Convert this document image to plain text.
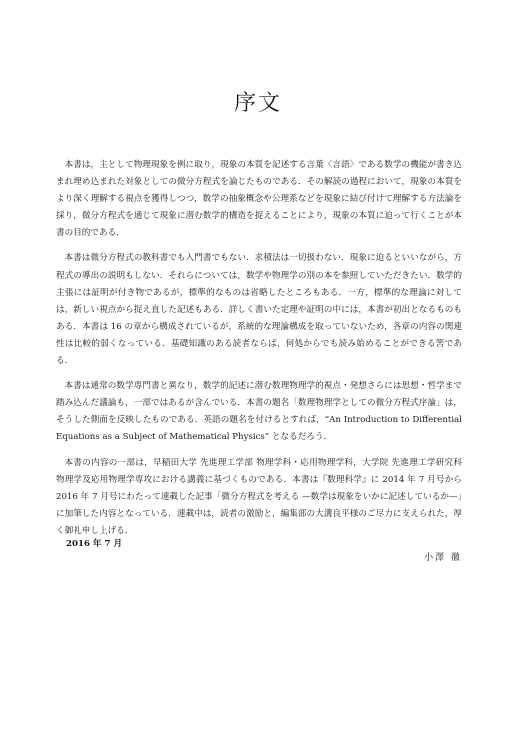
序文

本書は，主として物理現象を例に取り，現象の本質を記述する言葉〈言語〉である数学の機能が書き込まれ埋め込まれた対象としての微分方程式を論じたものである．その解読の過程において，現象の本質をより深く理解する視点を獲得しつつ，数学の抽象概念や公理系などを現象に結び付けて理解する方法論を採り，微分方程式を通じて現象に潜む数学的構造を捉えることにより，現象の本質に迫って行くことが本書の目的である．

本書は微分方程式の教科書でも入門書でもない．求積法は一切扱わない．現象に迫るといいながら，方程式の導出の説明もしない．それらについては，数学や物理学の別の本を参照していただきたい．数学的主張には証明が付き物であるが，標準的なものは省略したところもある．一方，標準的な理論に対しては，新しい視点から捉え直した記述もある．詳しく書いた定理や証明の中には，本書が初出となるものもある．本書は 16 の章から構成されているが，系統的な理論構成を取っていないため，各章の内容の関連性は比較的弱くなっている．基礎知識のある読者ならば，何処からでも読み始めることができる筈である．

本書は通常の数学専門書と異なり，数学的記述に潜む数理物理学的視点・発想さらには思想・哲学まで踏み込んだ議論も，一部ではあるが含んでいる．本書の題名「数理物理学としての微分方程式序論」は，そうした側面を反映したものである．英語の題名を付けるとすれば，“An Introduction to Differential Equations as a Subject of Mathematical Physics” となるだろう．

本書の内容の一部は，早稲田大学 先進理工学部 物理学科・応用物理学科，大学院 先進理工学研究科 物理学及応用物理学専攻における講義に基づくものである．本書は『数理科学』に 2014 年 7 月号から 2016 年 7 月号にわたって連載した記事「微分方程式を考える —数学は現象をいかに記述しているか—」に加筆した内容となっている．連載中は，読者の激励と，編集部の大溝良平様のご尽力に支えられた，厚く御礼申し上げる．

2016 年 7 月
小澤 徹
